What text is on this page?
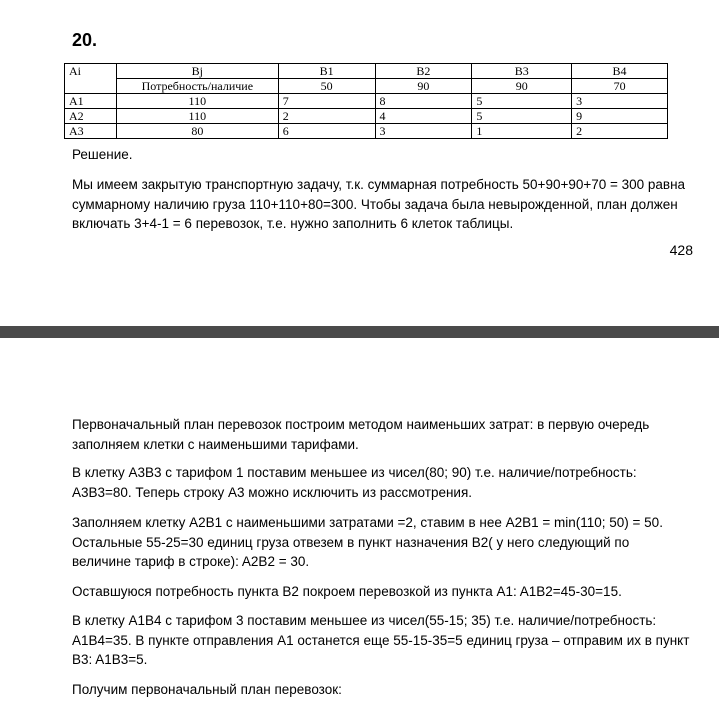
20.
Ai	Bj	B1	B2	B3	B4
	Потребность/наличие	50	90	90	70
A1	110	7	8	5	3
A2	110	2	4	5	9
A3	80	6	3	1	2
Решение.
Мы имеем закрытую транспортную задачу, т.к. суммарная потребность 50+90+90+70 = 300 равна суммарному наличию груза 110+110+80=300. Чтобы задача была невырожденной, план должен включать 3+4-1 = 6 перевозок, т.е. нужно заполнить 6 клеток таблицы.
428
Первоначальный план перевозок построим методом наименьших затрат: в первую очередь заполняем клетки с наименьшими тарифами.
В клетку A3B3 с тарифом 1 поставим меньшее из чисел(80; 90) т.е. наличие/потребность: A3B3=80. Теперь строку A3 можно исключить из рассмотрения.
Заполняем клетку A2B1 с наименьшими затратами =2, ставим в нее A2B1 = min(110; 50) = 50. Остальные 55-25=30 единиц груза отвезем в пункт назначения B2( у него следующий по величине тариф в строке): A2B2 = 30.
Оставшуюся потребность пункта B2 покроем перевозкой из пункта A1: A1B2=45-30=15.
В клетку A1B4 с тарифом 3 поставим меньшее из чисел(55-15; 35) т.е. наличие/потребность: A1B4=35. В пункте отправления A1 останется еще 55-15-35=5 единиц груза – отправим их в пункт B3: A1B3=5.
Получим первоначальный план перевозок:
